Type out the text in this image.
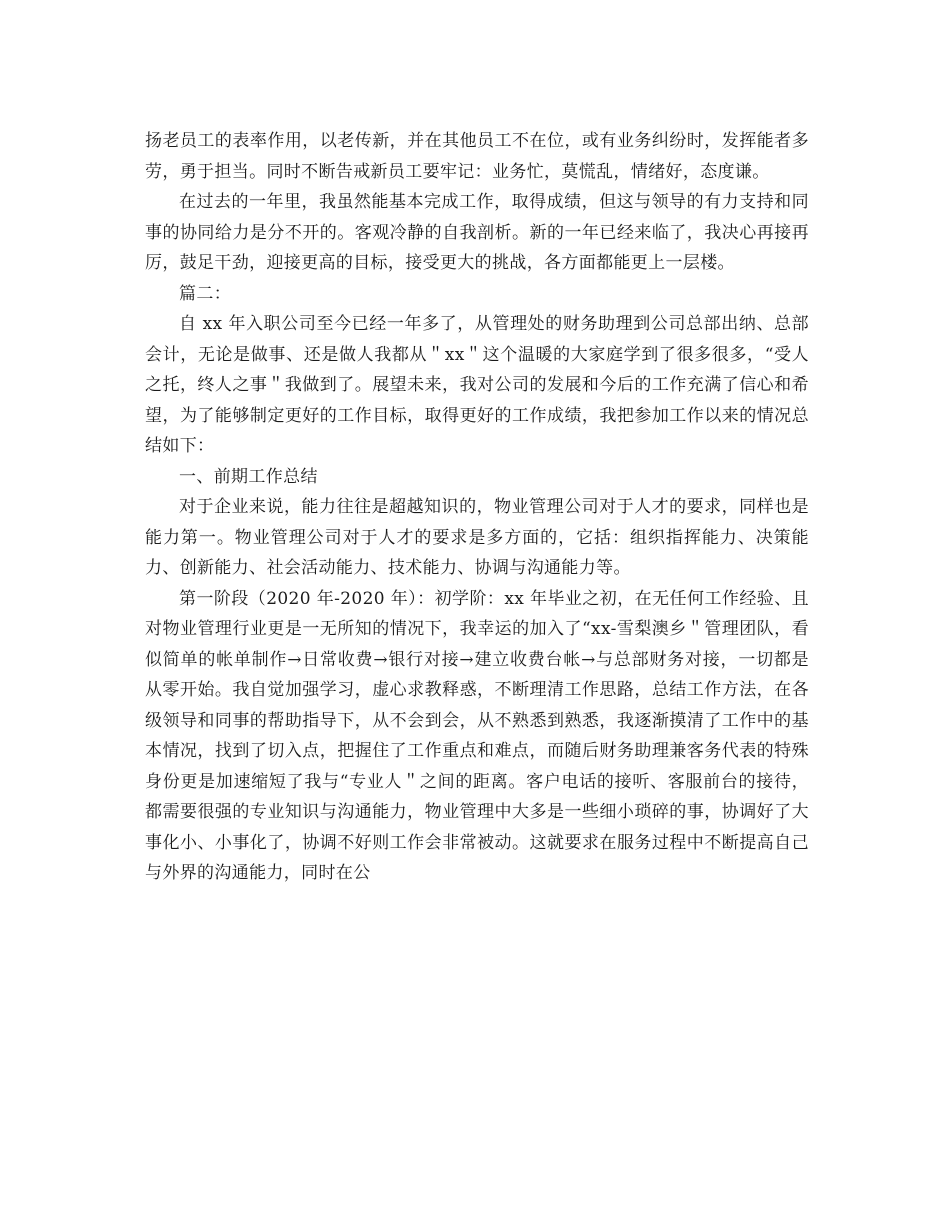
扬老员工的表率作用，以老传新，并在其他员工不在位，或有业务纠纷时，发挥能者多劳，勇于担当。同时不断告戒新员工要牢记：业务忙，莫慌乱，情绪好，态度谦。

在过去的一年里，我虽然能基本完成工作，取得成绩，但这与领导的有力支持和同事的协同给力是分不开的。客观冷静的自我剖析。新的一年已经来临了，我决心再接再厉，鼓足干劲，迎接更高的目标，接受更大的挑战，各方面都能更上一层楼。

篇二：

自 xx 年入职公司至今已经一年多了，从管理处的财务助理到公司总部出纳、总部会计，无论是做事、还是做人我都从＂xx＂这个温暖的大家庭学到了很多很多，“受人之托，终人之事＂我做到了。展望未来，我对公司的发展和今后的工作充满了信心和希望，为了能够制定更好的工作目标，取得更好的工作成绩，我把参加工作以来的情况总结如下：

一、前期工作总结

对于企业来说，能力往往是超越知识的，物业管理公司对于人才的要求，同样也是能力第一。物业管理公司对于人才的要求是多方面的，它括：组织指挥能力、决策能力、创新能力、社会活动能力、技术能力、协调与沟通能力等。

第一阶段（2020 年-2020 年）：初学阶：xx 年毕业之初，在无任何工作经验、且对物业管理行业更是一无所知的情况下，我幸运的加入了“xx-雪梨澳乡＂管理团队，看似简单的帐单制作→日常收费→银行对接→建立收费台帐→与总部财务对接，一切都是从零开始。我自觉加强学习，虚心求教释惑，不断理清工作思路，总结工作方法，在各级领导和同事的帮助指导下，从不会到会，从不熟悉到熟悉，我逐渐摸清了工作中的基本情况，找到了切入点，把握住了工作重点和难点，而随后财务助理兼客务代表的特殊身份更是加速缩短了我与“专业人＂之间的距离。客户电话的接听、客服前台的接待，都需要很强的专业知识与沟通能力，物业管理中大多是一些细小琐碎的事，协调好了大事化小、小事化了，协调不好则工作会非常被动。这就要求在服务过程中不断提高自己与外界的沟通能力，同时在公
